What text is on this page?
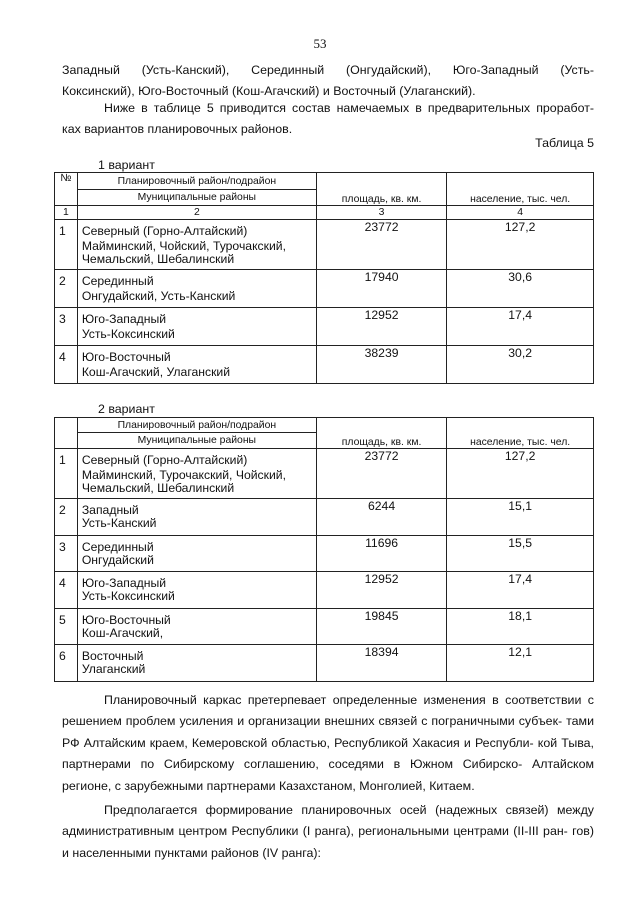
53
Западный (Усть-Канский), Серединный (Онгудайский), Юго-Западный (Усть-
Коксинский), Юго-Восточный (Кош-Агачский) и Восточный (Улаганский).
Ниже в таблице 5 приводится состав намечаемых в предварительных проработ-
ках вариантов планировочных районов.
Таблица 5
1 вариант
№	Планировочный район/подрайон	площадь, кв. км.	население, тыс. чел.
	Муниципальные районы		
1	2	3	4
1	Северный (Горно-Алтайский)	23772	127,2
	Майминский, Чойский, Турочакский, Чемальский, Шебалинский		
2	Серединный	17940	30,6
	Онгудайский, Усть-Канский		
3	Юго-Западный	12952	17,4
	Усть-Коксинский		
4	Юго-Восточный	38239	30,2
	Кош-Агачский, Улаганский		
2 вариант
	Планировочный район/подрайон	площадь, кв. км.	население, тыс. чел.
	Муниципальные районы		
1	Северный (Горно-Алтайский)	23772	127,2
	Майминский, Турочакский, Чойский, Чемальский, Шебалинский		
2	Западный	6244	15,1
	Усть-Канский		
3	Серединный	11696	15,5
	Онгудайский		
4	Юго-Западный	12952	17,4
	Усть-Коксинский		
5	Юго-Восточный	19845	18,1
	Кош-Агачский,		
6	Восточный	18394	12,1
	Улаганский		
Планировочный каркас претерпевает определенные изменения в соответствии с решением проблем усиления и организации внешних связей с пограничными субъек- тами РФ Алтайским краем, Кемеровской областью, Республикой Хакасия и Республи- кой Тыва, партнерами по Сибирскому соглашению, соседями в Южном Сибирско- Алтайском регионе, с зарубежными партнерами Казахстаном, Монголией, Китаем.
Предполагается формирование планировочных осей (надежных связей) между административным центром Республики (I ранга), региональными центрами (II-III ран- гов) и населенными пунктами районов (IV ранга):
